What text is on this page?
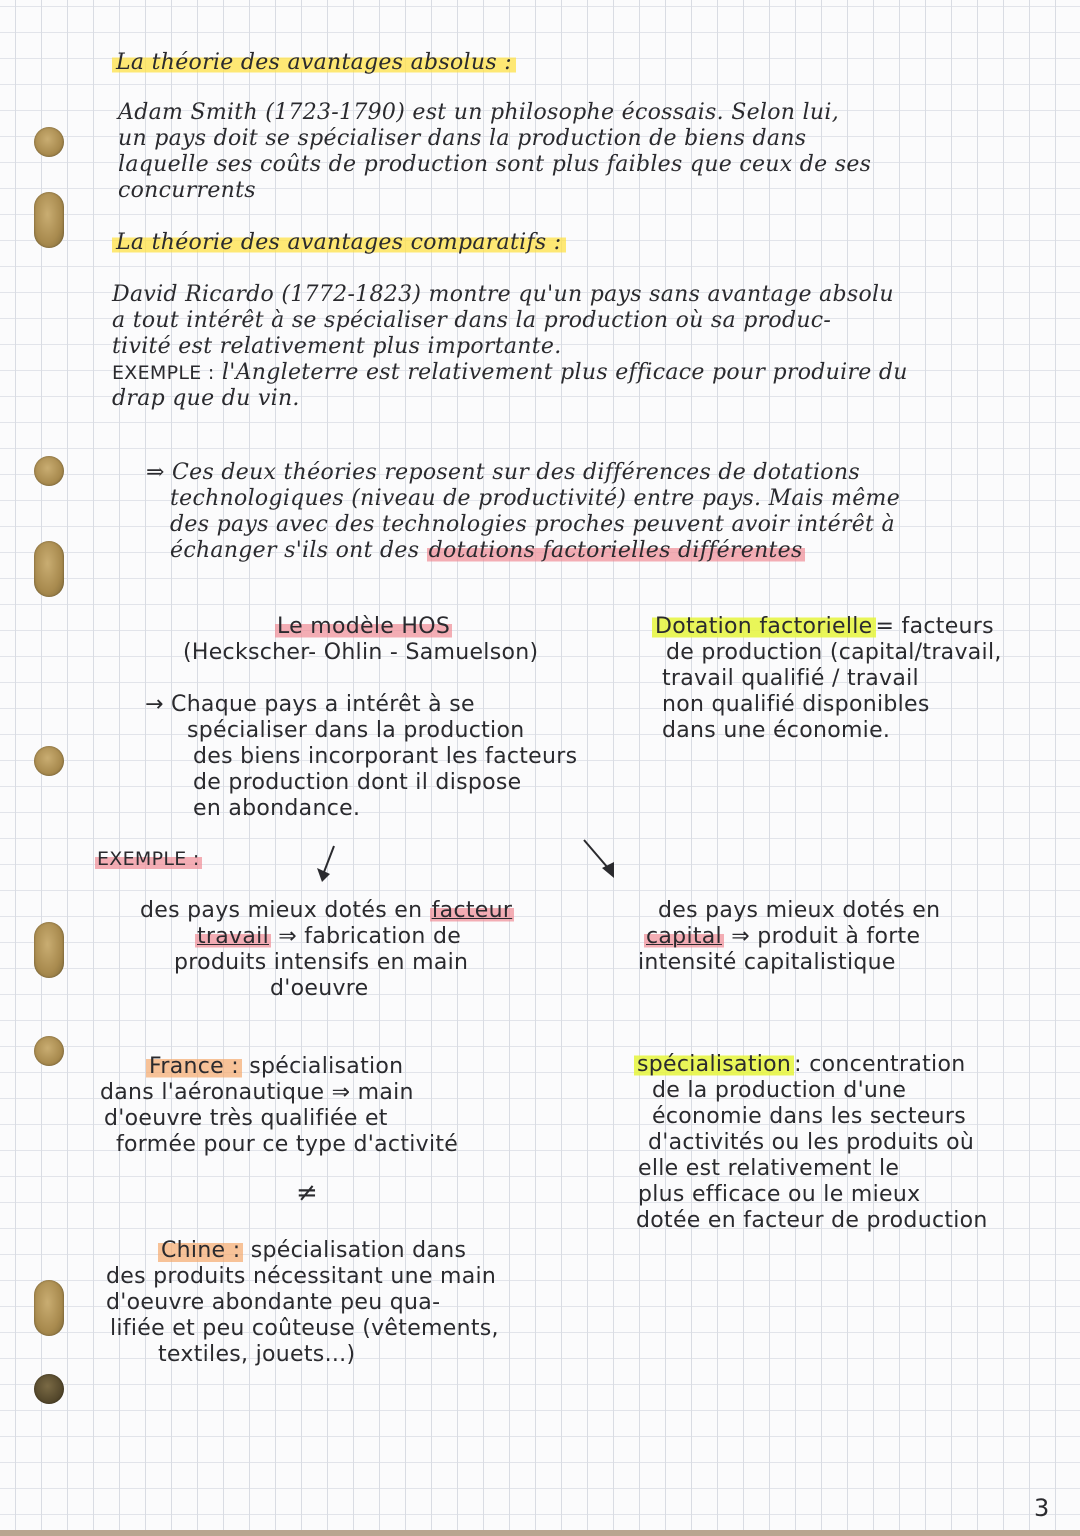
La théorie des avantages absolus :
Adam Smith (1723-1790) est un philosophe écossais. Selon lui,
un pays doit se spécialiser dans la production de biens dans
laquelle ses coûts de production sont plus faibles que ceux de ses
concurrents
La théorie des avantages comparatifs :
David Ricardo (1772-1823) montre qu'un pays sans avantage absolu
a tout intérêt à se spécialiser dans la production où sa produc-
tivité est relativement plus importante.
EXEMPLE : l'Angleterre est relativement plus efficace pour produire du
drap que du vin.
⇒ Ces deux théories reposent sur des différences de dotations
technologiques (niveau de productivité) entre pays. Mais même
des pays avec des technologies proches peuvent avoir intérêt à
échanger s'ils ont des dotations factorielles différentes
Le modèle HOS
(Heckscher- Ohlin - Samuelson)
→ Chaque pays a intérêt à se
spécialiser dans la production
des biens incorporant les facteurs
de production dont il dispose
en abondance.
Dotation factorielle = facteurs
de production (capital/travail,
travail qualifié / travail
non qualifié disponibles
dans une économie.
EXEMPLE :
des pays mieux dotés en facteur
travail ⇒ fabrication de
produits intensifs en main
d'oeuvre
des pays mieux dotés en
capital ⇒ produit à forte
intensité capitalistique
France : spécialisation
dans l'aéronautique ⇒ main
d'oeuvre très qualifiée et
formée pour ce type d'activité
≠
Chine : spécialisation dans
des produits nécessitant une main
d'oeuvre abondante peu qua-
lifiée et peu coûteuse (vêtements,
textiles, jouets...)
spécialisation : concentration
de la production d'une
économie dans les secteurs
d'activités ou les produits où
elle est relativement le
plus efficace ou le mieux
dotée en facteur de production
3
